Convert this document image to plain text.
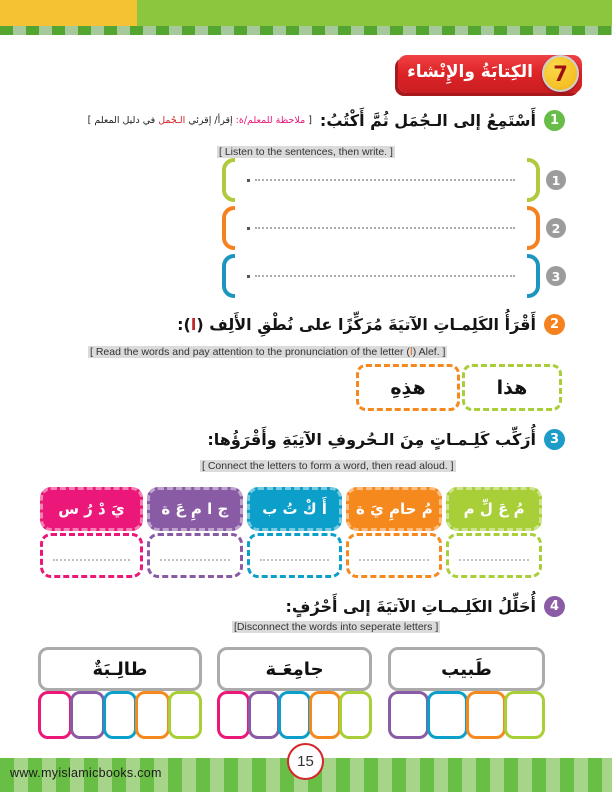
الكِتابَةُ والإِنْشاء 7
1
أَسْتَمِعُ إلى الـجُمَل ثُمَّ أَكْتُبُ:
[ ملاحظة للمعلم/ة: إقرأ/ إقرئي الـجُمل في دليل المعلم ]
[ Listen to the sentences, then write. ]
1
2
3
2
أَقْرَأُ الكَلِمـاتِ الآتيَةَ مُرَكِّزًا على نُطْقِ الأَلِف (ا):
[ Read the words and pay attention to the pronunciation of the letter (ا) Alef. ]
هذا
هذِهِ
3
أُرَكِّب كَلِـمـاتٍ مِنَ الـحُروفِ الآتِيَةِ وأَقْرَؤُها:
[ Connect the letters to form a word, then read aloud. ]
مُ عَ لِّ م
مُ حامِ يَ ة
أَ كْ تُ ب
ج ا مِ عَ ة
يَ دْ رُ س
4
أُحَلِّلُ الكَلِـمـاتِ الآتيَةَ إلى أَحْرُفٍ:
[Disconnect the words into seperate letters ]
طَبيب
جامِعَـة
طالِـبَةٌ
www.myislamicbooks.com
15
